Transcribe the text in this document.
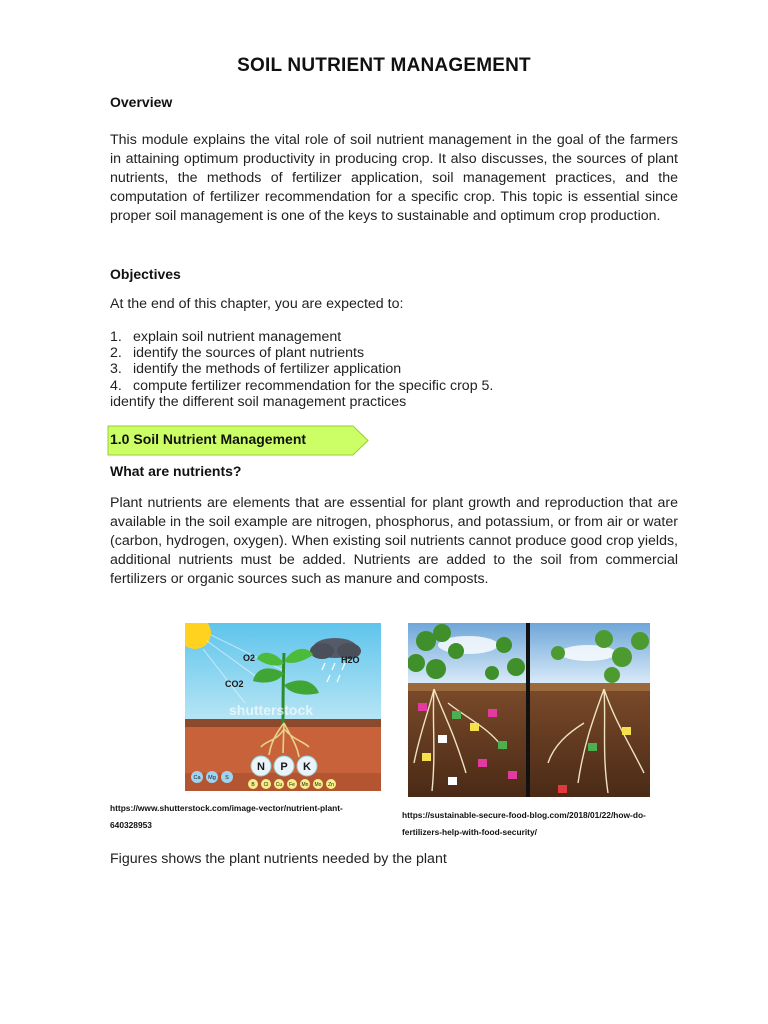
SOIL NUTRIENT MANAGEMENT
Overview
This module explains the vital role of soil nutrient management in the goal of the farmers in attaining optimum productivity in producing crop. It also discusses, the sources of plant nutrients, the methods of fertilizer application, soil management practices, and the computation of fertilizer recommendation for a specific crop. This topic is essential since proper soil management is one of the keys to sustainable and optimum crop production.
Objectives
At the end of this chapter, you are expected to:
1. explain soil nutrient management
2. identify the sources of plant nutrients
3. identify the methods of fertilizer application
4. compute fertilizer recommendation for the specific crop 5.
identify the different soil management practices
1.0 Soil Nutrient Management
What are nutrients?
Plant nutrients are elements that are essential for plant growth and reproduction that are available in the soil example are nitrogen, phosphorus, and potassium, or from air or water (carbon, hydrogen, oxygen). When existing soil nutrients cannot produce good crop yields, additional nutrients must be added. Nutrients are added to the soil from commercial fertilizers or organic sources such as manure and composts.
O2
CO2
H2O
shutterstock
N P K
Ca Mg S
B Cl Cu Fe Mn Mo Zn
https://www.shutterstock.com/image-vector/nutrient-plant-640328953
https://sustainable-secure-food-blog.com/2018/01/22/how-do-fertilizers-help-with-food-security/
Figures shows the plant nutrients needed by the plant
